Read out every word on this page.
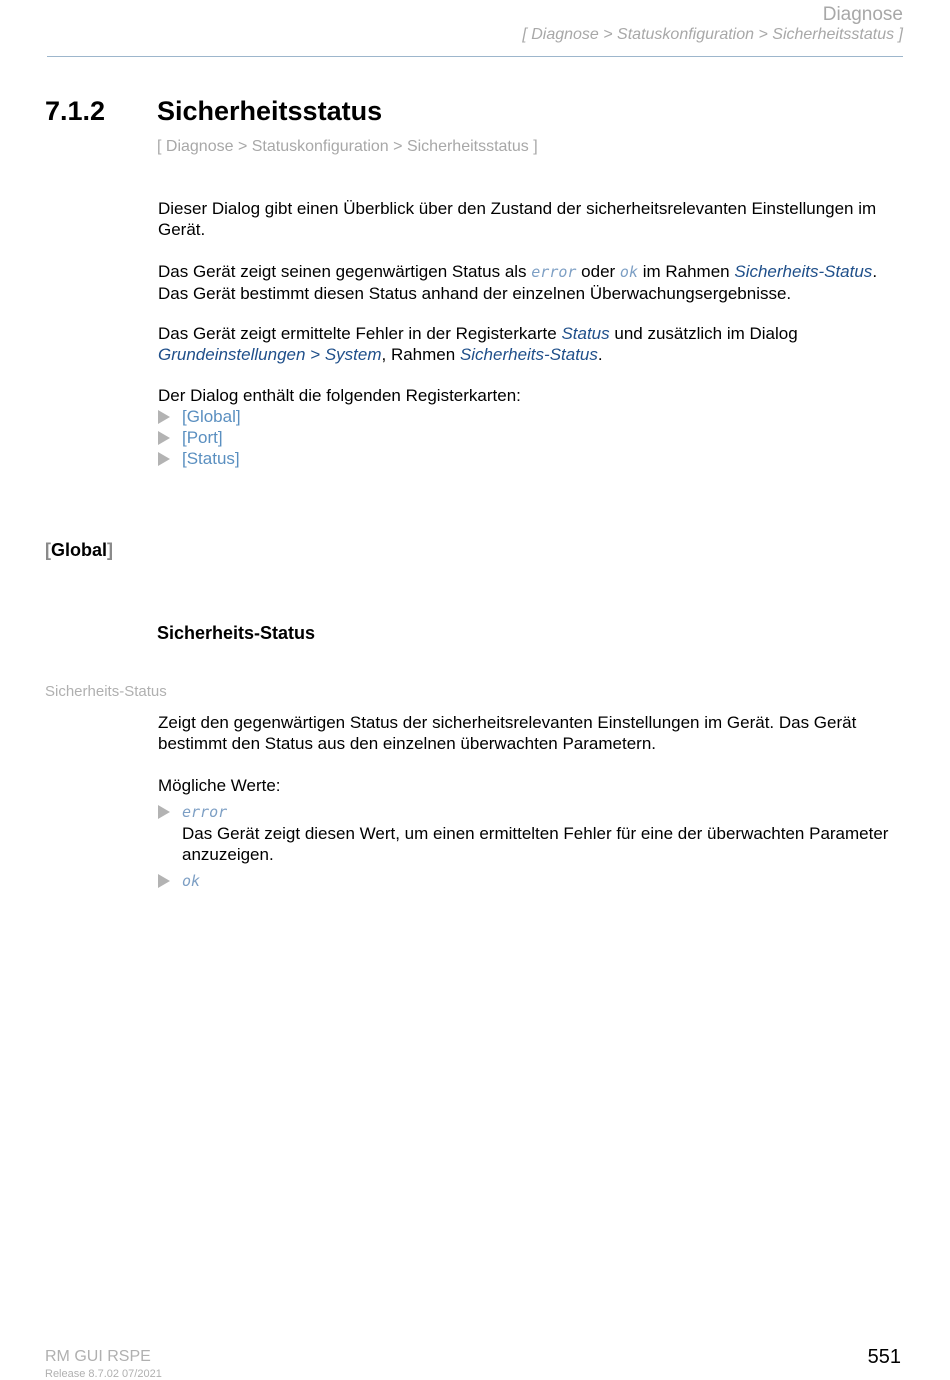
Diagnose
[ Diagnose > Statuskonfiguration > Sicherheitsstatus ]
7.1.2 Sicherheitsstatus
[ Diagnose > Statuskonfiguration > Sicherheitsstatus ]
Dieser Dialog gibt einen Überblick über den Zustand der sicherheitsrelevanten Einstellungen im Gerät.
Das Gerät zeigt seinen gegenwärtigen Status als error oder ok im Rahmen Sicherheits-Status. Das Gerät bestimmt diesen Status anhand der einzelnen Überwachungsergebnisse.
Das Gerät zeigt ermittelte Fehler in der Registerkarte Status und zusätzlich im Dialog Grundeinstellungen > System, Rahmen Sicherheits-Status.
Der Dialog enthält die folgenden Registerkarten:
[Global]
[Port]
[Status]
[Global]
Sicherheits-Status
Sicherheits-Status
Zeigt den gegenwärtigen Status der sicherheitsrelevanten Einstellungen im Gerät. Das Gerät bestimmt den Status aus den einzelnen überwachten Parametern.
Mögliche Werte:
error
Das Gerät zeigt diesen Wert, um einen ermittelten Fehler für eine der überwachten Parameter anzuzeigen.
ok
RM GUI RSPE
Release 8.7.02 07/2021
551
